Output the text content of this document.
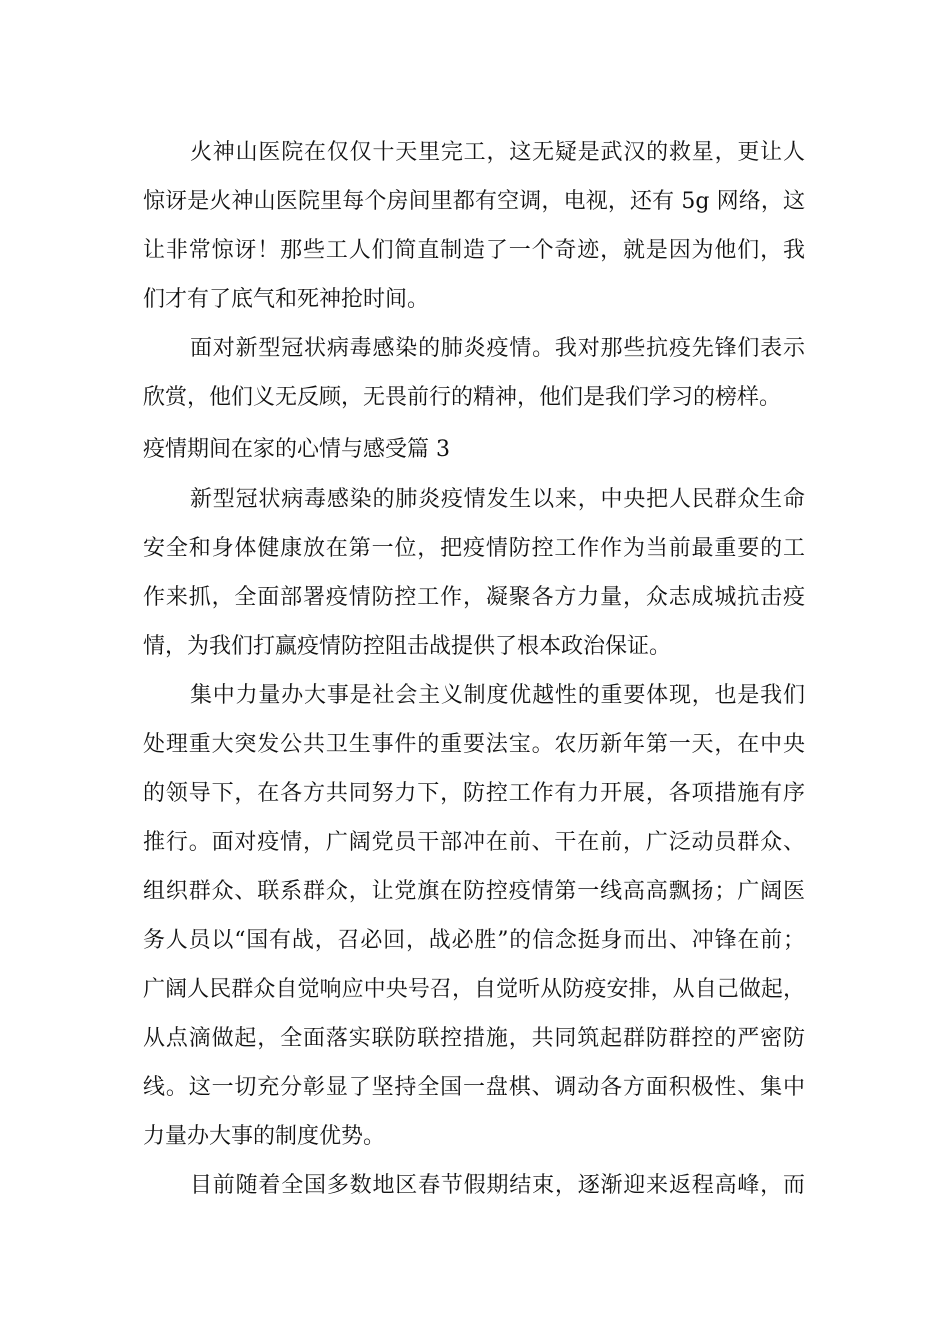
火神山医院在仅仅十天里完工，这无疑是武汉的救星，更让人
惊讶是火神山医院里每个房间里都有空调，电视，还有 5g 网络，这
让非常惊讶！那些工人们简直制造了一个奇迹，就是因为他们，我
们才有了底气和死神抢时间。
面对新型冠状病毒感染的肺炎疫情。我对那些抗疫先锋们表示
欣赏，他们义无反顾，无畏前行的精神，他们是我们学习的榜样。
疫情期间在家的心情与感受篇 3
新型冠状病毒感染的肺炎疫情发生以来，中央把人民群众生命
安全和身体健康放在第一位，把疫情防控工作作为当前最重要的工
作来抓，全面部署疫情防控工作，凝聚各方力量，众志成城抗击疫
情，为我们打赢疫情防控阻击战提供了根本政治保证。
集中力量办大事是社会主义制度优越性的重要体现，也是我们
处理重大突发公共卫生事件的重要法宝。农历新年第一天，在中央
的领导下，在各方共同努力下，防控工作有力开展，各项措施有序
推行。面对疫情，广阔党员干部冲在前、干在前，广泛动员群众、
组织群众、联系群众，让党旗在防控疫情第一线高高飘扬；广阔医
务人员以“国有战，召必回，战必胜”的信念挺身而出、冲锋在前；
广阔人民群众自觉响应中央号召，自觉听从防疫安排，从自己做起，
从点滴做起，全面落实联防联控措施，共同筑起群防群控的严密防
线。这一切充分彰显了坚持全国一盘棋、调动各方面积极性、集中
力量办大事的制度优势。
目前随着全国多数地区春节假期结束，逐渐迎来返程高峰，而
